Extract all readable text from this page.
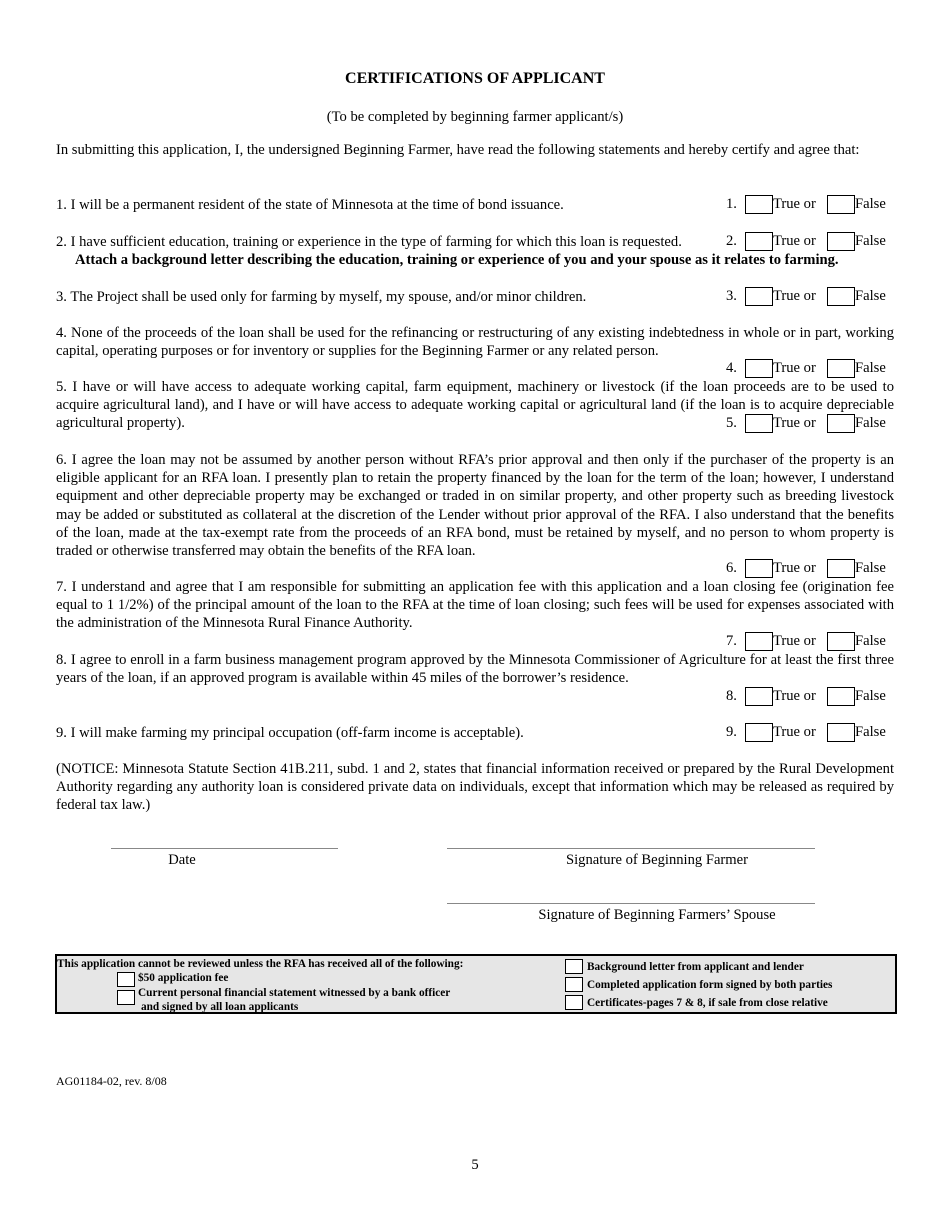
CERTIFICATIONS OF APPLICANT
(To be completed by beginning farmer applicant/s)
In submitting this application, I, the undersigned Beginning Farmer, have read the following statements and hereby certify and agree that:
1. I will be a permanent resident of the state of Minnesota at the time of bond issuance.	1. True or	False
2. I have sufficient education, training or experience in the type of farming for which this loan is requested.	2. True or	False
Attach a background letter describing the education, training or experience of you and your spouse as it relates to farming.
3. The Project shall be used only for farming by myself, my spouse, and/or minor children.	3. True or	False
4. None of the proceeds of the loan shall be used for the refinancing or restructuring of any existing indebtedness in whole or in part, working capital, operating purposes or for inventory or supplies for the Beginning Farmer or any related person.
4. True or	False
5. I have or will have access to adequate working capital, farm equipment, machinery or livestock (if the loan proceeds are to be used to acquire agricultural land), and I have or will have access to adequate working capital or agricultural land (if the loan is to acquire depreciable agricultural property).	5. True or	False
6. I agree the loan may not be assumed by another person without RFA’s prior approval and then only if the purchaser of the property is an eligible applicant for an RFA loan. I presently plan to retain the property financed by the loan for the term of the loan; however, I understand equipment and other depreciable property may be exchanged or traded in on similar property, and other property such as breeding livestock may be added or substituted as collateral at the discretion of the Lender without prior approval of the RFA. I also understand that the benefits of the loan, made at the tax-exempt rate from the proceeds of an RFA bond, must be retained by myself, and no person to whom property is traded or otherwise transferred may obtain the benefits of the RFA loan.
6. True or	False
7. I understand and agree that I am responsible for submitting an application fee with this application and a loan closing fee (origination fee equal to 1 1/2%) of the principal amount of the loan to the RFA at the time of loan closing; such fees will be used for expenses associated with the administration of the Minnesota Rural Finance Authority.
7. True or	False
8. I agree to enroll in a farm business management program approved by the Minnesota Commissioner of Agriculture for at least the first three years of the loan, if an approved program is available within 45 miles of the borrower’s residence.
8. True or	False
9. I will make farming my principal occupation (off-farm income is acceptable).	9. True or	False
(NOTICE: Minnesota Statute Section 41B.211, subd. 1 and 2, states that financial information received or prepared by the Rural Development Authority regarding any authority loan is considered private data on individuals, except that information which may be released as required by federal tax law.)
Date	Signature of Beginning Farmer
Signature of Beginning Farmers’ Spouse
This application cannot be reviewed unless the RFA has received all of the following:
$50 application fee
Current personal financial statement witnessed by a bank officer
and signed by all loan applicants
Background letter from applicant and lender
Completed application form signed by both parties
Certificates-pages 7 & 8, if sale from close relative
AG01184-02, rev. 8/08
5
